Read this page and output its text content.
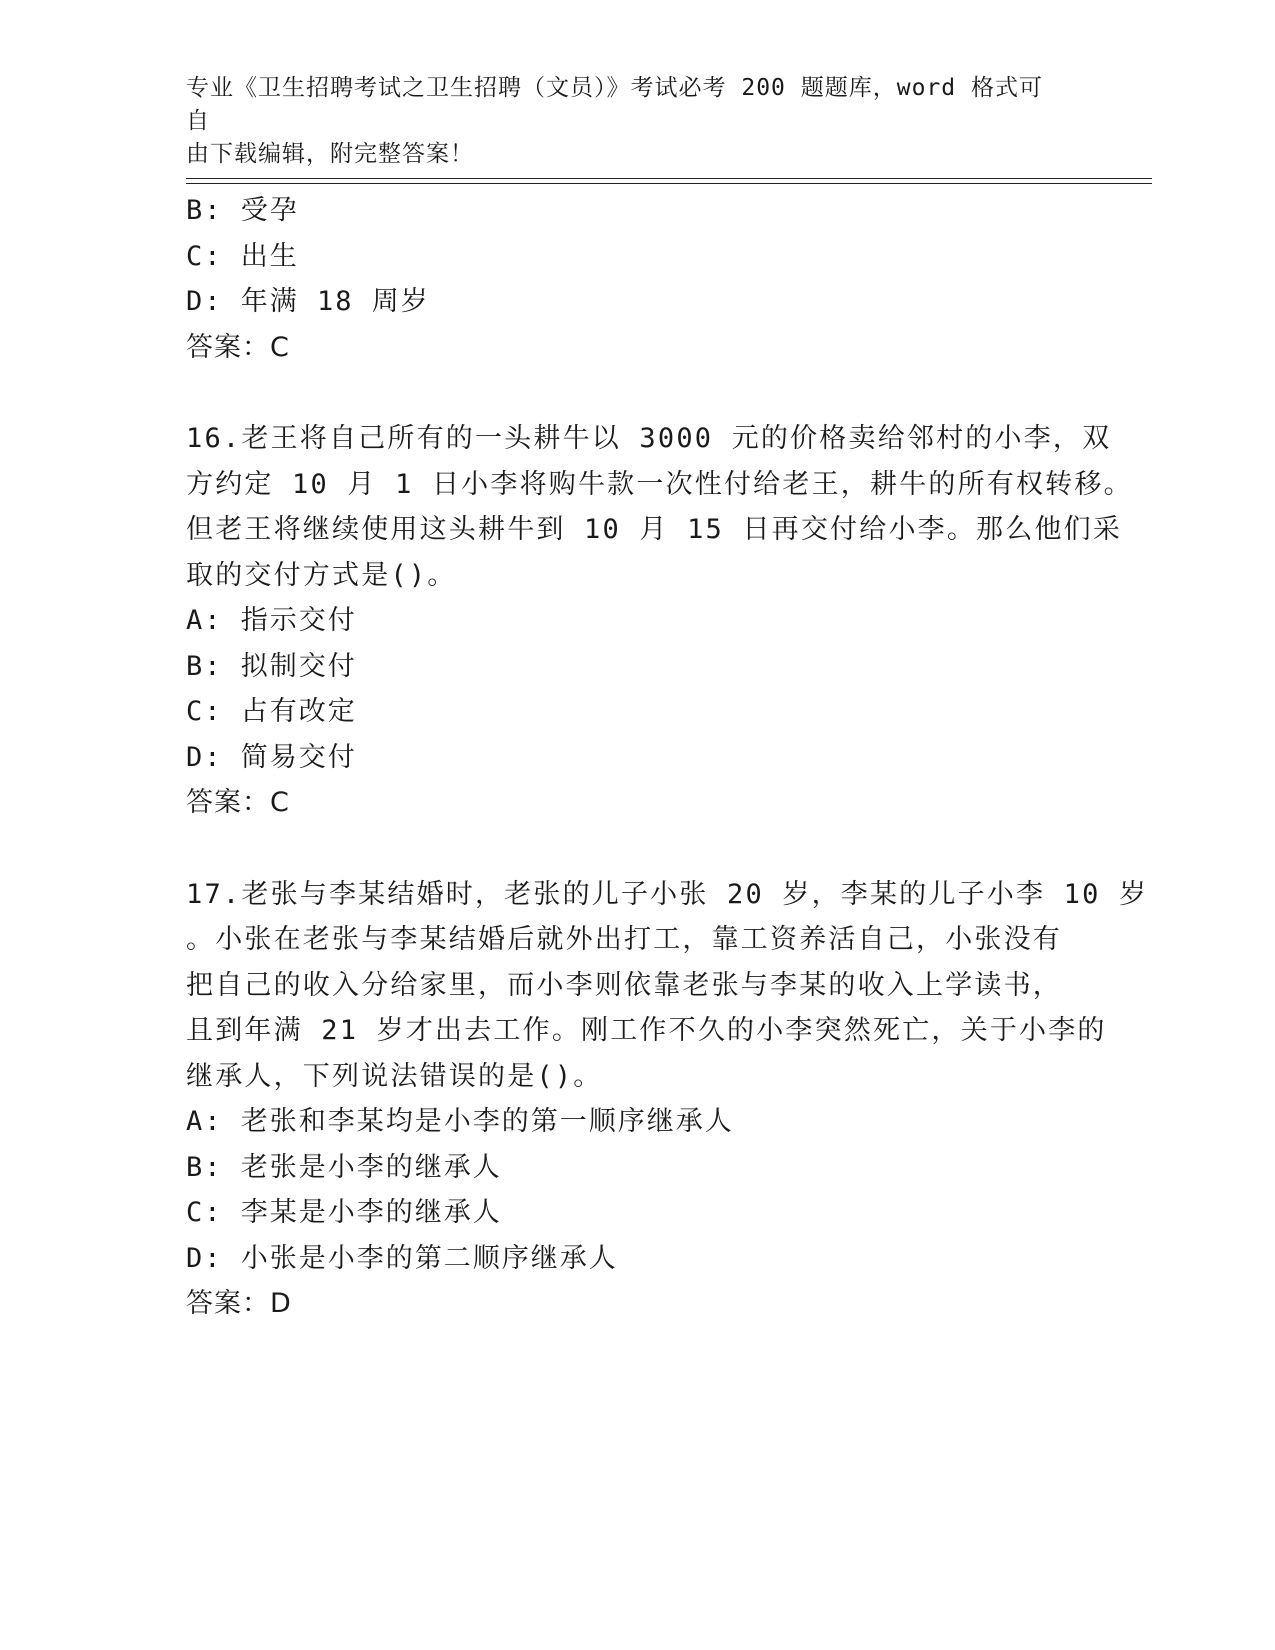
专业《卫生招聘考试之卫生招聘（文员）》考试必考 200 题题库，word 格式可自
由下载编辑，附完整答案！
B: 受孕
C: 出生
D: 年满 18 周岁
答案：C
16.老王将自己所有的一头耕牛以 3000 元的价格卖给邻村的小李，双
方约定 10 月 1 日小李将购牛款一次性付给老王，耕牛的所有权转移。
但老王将继续使用这头耕牛到 10 月 15 日再交付给小李。那么他们采
取的交付方式是()。
A: 指示交付
B: 拟制交付
C: 占有改定
D: 简易交付
答案：C
17.老张与李某结婚时，老张的儿子小张 20 岁，李某的儿子小李 10 岁
。小张在老张与李某结婚后就外出打工，靠工资养活自己，小张没有
把自己的收入分给家里，而小李则依靠老张与李某的收入上学读书，
且到年满 21 岁才出去工作。刚工作不久的小李突然死亡，关于小李的
继承人，下列说法错误的是()。
A: 老张和李某均是小李的第一顺序继承人
B: 老张是小李的继承人
C: 李某是小李的继承人
D: 小张是小李的第二顺序继承人
答案：D
